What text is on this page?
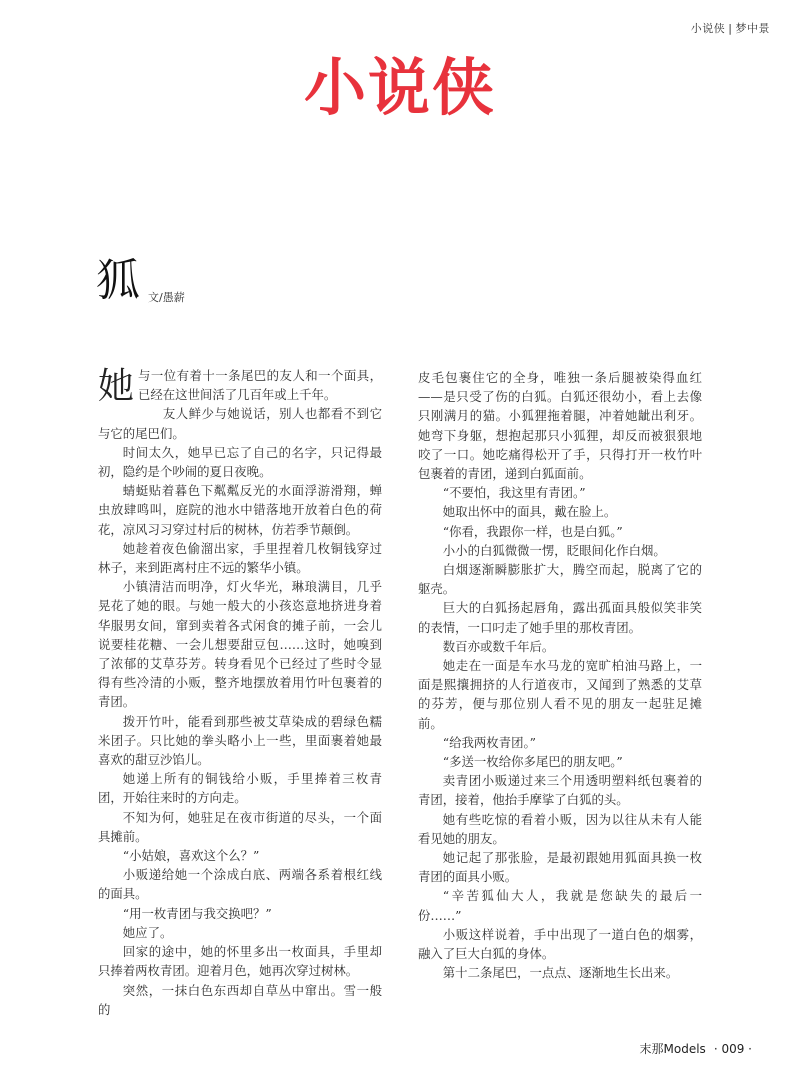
小说侠 | 梦中景
小说侠
狐 文/愚薪

她与一位有着十一条尾巴的友人和一个面具，已经在这世间活了几百年或上千年。

友人鲜少与她说话，别人也都看不到它与它的尾巴们。

时间太久，她早已忘了自己的名字，只记得最初，隐约是个吵闹的夏日夜晚。

蜻蜓贴着暮色下粼粼反光的水面浮游滑翔，蝉虫放肆鸣叫，庭院的池水中错落地开放着白色的荷花，凉风习习穿过村后的树林，仿若季节颠倒。

她趁着夜色偷溜出家，手里捏着几枚铜钱穿过林子，来到距离村庄不远的繁华小镇。

小镇清洁而明净，灯火华光，琳琅满目，几乎晃花了她的眼。与她一般大的小孩恣意地挤进身着华服男女间，窜到卖着各式闲食的摊子前，一会儿说要桂花糖、一会儿想要甜豆包……这时，她嗅到了浓郁的艾草芬芳。转身看见个已经过了些时令显得有些冷清的小贩，整齐地摆放着用竹叶包裹着的青团。

拨开竹叶，能看到那些被艾草染成的碧绿色糯米团子。只比她的拳头略小上一些，里面裹着她最喜欢的甜豆沙馅儿。

她递上所有的铜钱给小贩，手里捧着三枚青团，开始往来时的方向走。

不知为何，她驻足在夜市街道的尽头，一个面具摊前。

“小姑娘，喜欢这个么？”

小贩递给她一个涂成白底、两端各系着根红线的面具。

“用一枚青团与我交换吧？”

她应了。

回家的途中，她的怀里多出一枚面具，手里却只捧着两枚青团。迎着月色，她再次穿过树林。

突然，一抹白色东西却自草丛中窜出。雪一般的

皮毛包裹住它的全身，唯独一条后腿被染得血红——是只受了伤的白狐。白狐还很幼小，看上去像只刚满月的猫。小狐狸拖着腿，冲着她龇出利牙。她弯下身躯，想抱起那只小狐狸，却反而被狠狠地咬了一口。她吃痛得松开了手，只得打开一枚竹叶包裹着的青团，递到白狐面前。

“不要怕，我这里有青团。”

她取出怀中的面具，戴在脸上。

“你看，我跟你一样，也是白狐。”

小小的白狐微微一愣，眨眼间化作白烟。

白烟逐渐瞬膨胀扩大，腾空而起，脱离了它的躯壳。

巨大的白狐扬起唇角，露出孤面具般似笑非笑的表情，一口叼走了她手里的那枚青团。

数百亦或数千年后。

她走在一面是车水马龙的宽旷柏油马路上，一面是熙攘拥挤的人行道夜市，又闻到了熟悉的艾草的芬芳，便与那位别人看不见的朋友一起驻足摊前。

“给我两枚青团。”

“多送一枚给你多尾巴的朋友吧。”

卖青团小贩递过来三个用透明塑料纸包裹着的青团，接着，他抬手摩挲了白狐的头。

她有些吃惊的看着小贩，因为以往从未有人能看见她的朋友。

她记起了那张脸，是最初跟她用狐面具换一枚青团的面具小贩。

“辛苦狐仙大人，我就是您缺失的最后一份……”

小贩这样说着，手中出现了一道白色的烟雾，融入了巨大白狐的身体。

第十二条尾巴，一点点、逐渐地生长出来。

末那Models · 009 ·
